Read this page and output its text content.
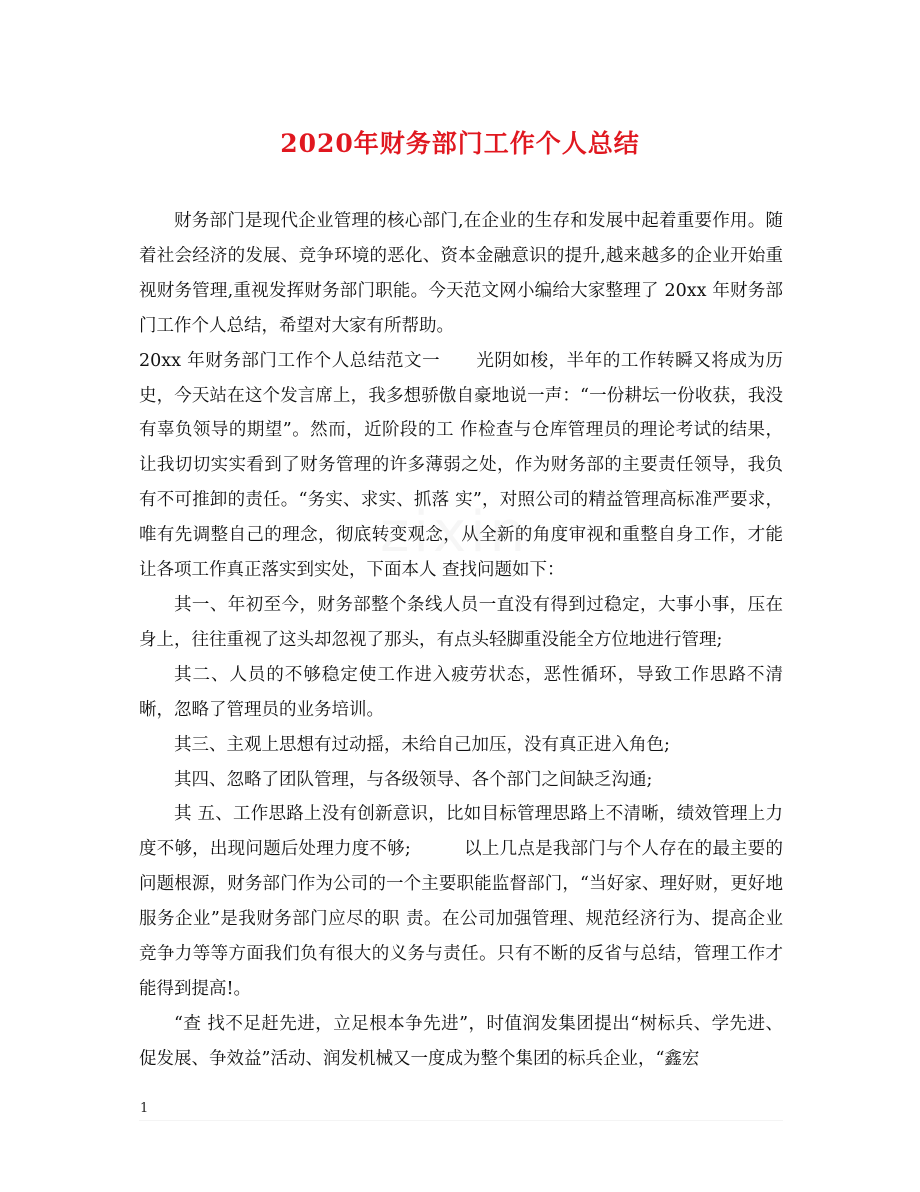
2020年财务部门工作个人总结

财务部门是现代企业管理的核心部门,在企业的生存和发展中起着重要作用。随着社会经济的发展、竞争环境的恶化、资本金融意识的提升,越来越多的企业开始重视财务管理,重视发挥财务部门职能。今天范文网小编给大家整理了 20xx 年财务部门工作个人总结，希望对大家有所帮助。

20xx 年财务部门工作个人总结范文一　　光阴如梭，半年的工作转瞬又将成为历史，今天站在这个发言席上，我多想骄傲自豪地说一声：“一份耕坛一份收获，我没有辜负领导的期望”。然而，近阶段的工 作检查与仓库管理员的理论考试的结果，让我切切实实看到了财务管理的许多薄弱之处，作为财务部的主要责任领导，我负有不可推卸的责任。“务实、求实、抓落 实”，对照公司的精益管理高标准严要求，唯有先调整自己的理念，彻底转变观念，从全新的角度审视和重整自身工作，才能让各项工作真正落实到实处，下面本人 查找问题如下：

其一、年初至今，财务部整个条线人员一直没有得到过稳定，大事小事，压在身上，往往重视了这头却忽视了那头，有点头轻脚重没能全方位地进行管理;

其二、人员的不够稳定使工作进入疲劳状态，恶性循环，导致工作思路不清晰，忽略了管理员的业务培训。

其三、主观上思想有过动摇，未给自己加压，没有真正进入角色;

其四、忽略了团队管理，与各级领导、各个部门之间缺乏沟通;

其 五、工作思路上没有创新意识，比如目标管理思路上不清晰，绩效管理上力度不够，出现问题后处理力度不够;　　　以上几点是我部门与个人存在的最主要的问题根源，财务部门作为公司的一个主要职能监督部门，“当好家、理好财，更好地服务企业”是我财务部门应尽的职 责。在公司加强管理、规范经济行为、提高企业竞争力等等方面我们负有很大的义务与责任。只有不断的反省与总结，管理工作才能得到提高!。

“查 找不足赶先进，立足根本争先进”，时值润发集团提出“树标兵、学先进、促发展、争效益”活动、润发机械又一度成为整个集团的标兵企业，“鑫宏

1
